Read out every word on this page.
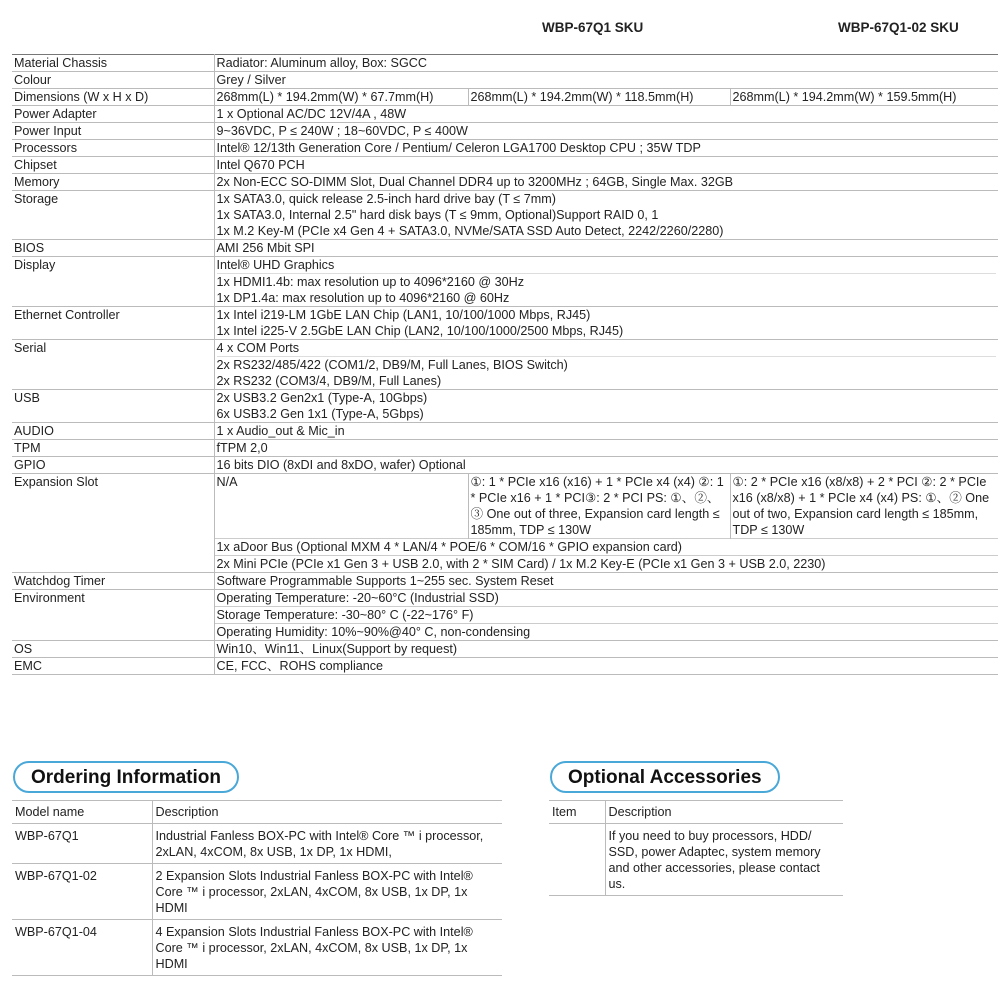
WBP-67Q1 SKU	WBP-67Q1-02 SKU
Material Chassis	Radiator: Aluminum alloy, Box: SGCC		
Colour	Grey / Silver		
Dimensions (W x H x D)	268mm(L) * 194.2mm(W) * 67.7mm(H)	268mm(L) * 194.2mm(W) * 118.5mm(H)	268mm(L) * 194.2mm(W) * 159.5mm(H)
Power Adapter	1 x Optional AC/DC 12V/4A , 48W		
Power Input	9~36VDC, P ≤ 240W ; 18~60VDC, P ≤ 400W		
Processors	Intel® 12/13th Generation Core / Pentium/ Celeron LGA1700 Desktop CPU ; 35W TDP		
Chipset	Intel Q670 PCH		
Memory	2x Non-ECC SO-DIMM Slot, Dual Channel DDR4 up to 3200MHz ; 64GB, Single Max. 32GB		
Storage	1x SATA3.0, quick release 2.5-inch hard drive bay (T ≤ 7mm)
1x SATA3.0, Internal 2.5" hard disk bays (T ≤ 9mm, Optional)Support RAID 0, 1
1x M.2 Key-M (PCIe x4 Gen 4 + SATA3.0, NVMe/SATA SSD Auto Detect, 2242/2260/2280)		

BIOS	AMI 256 Mbit SPI		
Display	Intel® UHD Graphics
1x HDMI1.4b: max resolution up to 4096*2160 @ 30Hz
1x DP1.4a: max resolution up to 4096*2160 @ 60Hz		

Ethernet Controller	1x Intel i219-LM 1GbE LAN Chip (LAN1, 10/100/1000 Mbps, RJ45)
1x Intel i225-V 2.5GbE LAN Chip (LAN2, 10/100/1000/2500 Mbps, RJ45)		

Serial	4 x COM Ports
2x RS232/485/422 (COM1/2, DB9/M, Full Lanes, BIOS Switch)
2x RS232 (COM3/4, DB9/M, Full Lanes)		

USB	2x USB3.2 Gen2x1 (Type-A, 10Gbps)
6x USB3.2 Gen 1x1 (Type-A, 5Gbps)		

AUDIO	1 x Audio_out & Mic_in		
TPM	fTPM 2,0		
GPIO	16 bits DIO (8xDI and 8xDO, wafer) Optional		
Expansion Slot	N/A	①: 1 * PCIe x16 (x16) + 1 * PCIe x4 (x4) ②: 1 * PCIe x16 + 1 * PCI③: 2 * PCI PS: ①、②、③ One out of three, Expansion card length ≤ 185mm, TDP ≤ 130W	①: 2 * PCIe x16 (x8/x8) + 2 * PCI ②: 2 * PCIe x16 (x8/x8) + 1 * PCIe x4 (x4) PS: ①、② One out of two, Expansion card length ≤ 185mm, TDP ≤ 130W
	1x aDoor Bus (Optional MXM 4 * LAN/4 * POE/6 * COM/16 * GPIO expansion card)		
	2x Mini PCIe (PCIe x1 Gen 3 + USB 2.0, with 2 * SIM Card) / 1x M.2 Key-E (PCIe x1 Gen 3 + USB 2.0, 2230)		
Watchdog Timer	Software Programmable Supports 1~255 sec. System Reset		
Environment	Operating Temperature: -20~60°C (Industrial SSD)		
	Storage Temperature: -30~80° C (-22~176° F)		
	Operating Humidity: 10%~90%@40° C, non-condensing		
OS	Win10、Win11、Linux(Support by request)		
EMC	CE, FCC、ROHS compliance		
Ordering Information
Model name	Description
WBP-67Q1	Industrial Fanless BOX-PC with Intel® Core ™ i processor, 2xLAN, 4xCOM, 8x USB, 1x DP, 1x HDMI,
WBP-67Q1-02	2 Expansion Slots Industrial Fanless BOX-PC with Intel® Core ™ i processor, 2xLAN, 4xCOM, 8x USB, 1x DP, 1x HDMI
WBP-67Q1-04	4 Expansion Slots Industrial Fanless BOX-PC with Intel® Core ™ i processor, 2xLAN, 4xCOM, 8x USB, 1x DP, 1x HDMI
Optional Accessories
Item	Description
	If you need to buy processors, HDD/ SSD, power Adaptec, system memory and other accessories, please contact us.
